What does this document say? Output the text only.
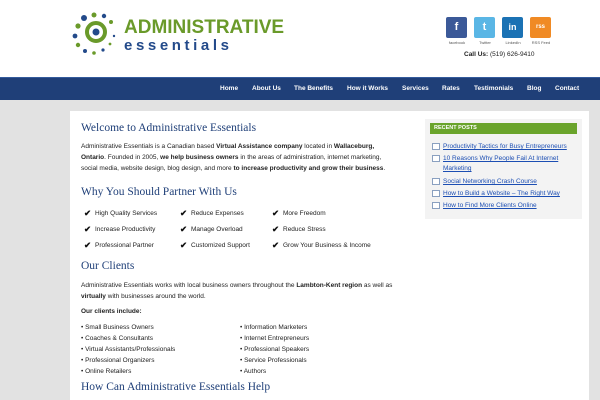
ADMINISTRATIVE
essentials
f
facebook
t
Twitter
in
LinkedIn
rss
RSS Feed
Call Us: (519) 626-9410
Home About Us The Benefits How it Works Services Rates Testimonials Blog Contact
Welcome to Administrative Essentials
Administrative Essentials is a Canadian based Virtual Assistance company located in Wallaceburg,
Ontario. Founded in 2005, we help business owners in the areas of administration, internet marketing,
social media, website design, blog design, and more to increase productivity and grow their business.
Why You Should Partner With Us
✔ High Quality Services	✔ Reduce Expenses	✔ More Freedom
✔ Increase Productivity	✔ Manage Overload	✔ Reduce Stress
✔ Professional Partner	✔ Customized Support	✔ Grow Your Business & Income
Our Clients
Administrative Essentials works with local business owners throughout the Lambton-Kent region as well as
virtually with businesses around the world.
Our clients include:
• Small Business Owners
• Coaches & Consultants
• Virtual Assistants/Professionals
• Professional Organizers
• Online Retailers
• Information Marketers
• Internet Entrepreneurs
• Professional Speakers
• Service Professionals
• Authors
How Can Administrative Essentials Help
RECENT POSTS
Productivity Tactics for Busy Entrepreneurs
10 Reasons Why People Fail At Internet
Marketing
Social Networking Crash Course
How to Build a Website – The Right Way
How to Find More Clients Online
